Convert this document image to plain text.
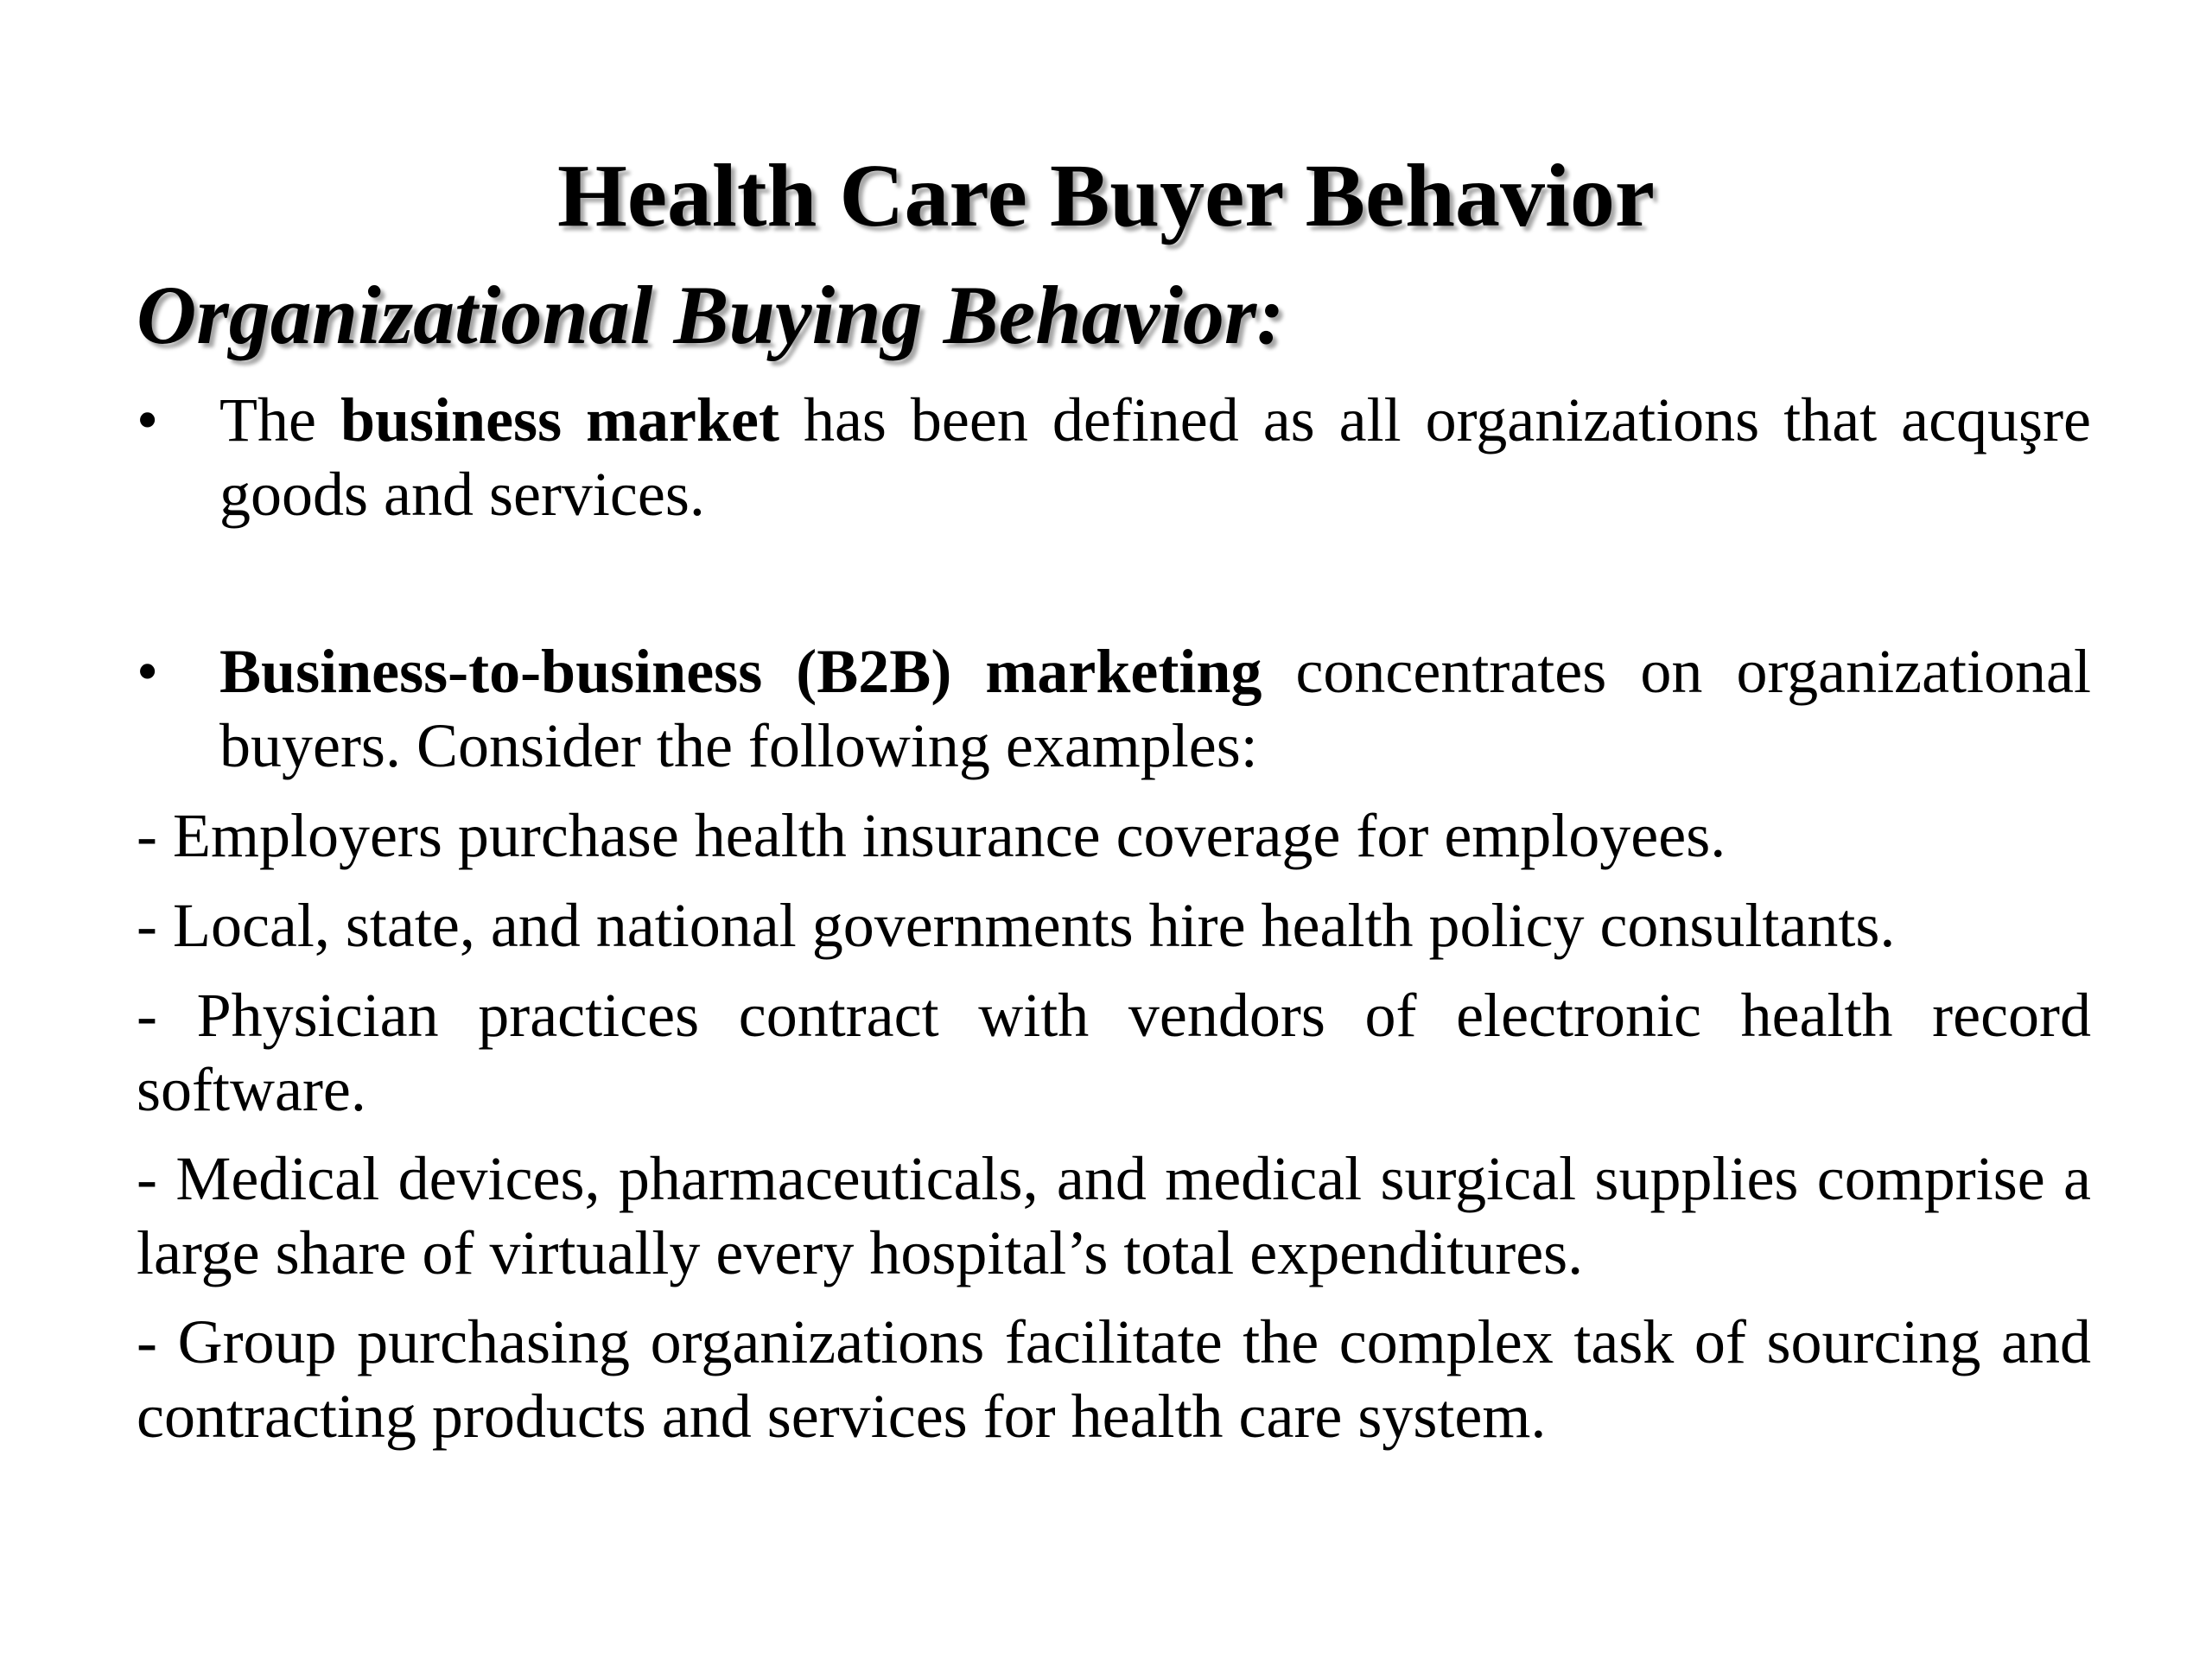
Health Care Buyer Behavior
Organizational Buying Behavior:
• The business market has been defined as all organizations that acquşre goods and services.
• Business-to-business (B2B) marketing concentrates on organizational buyers. Consider the following examples:
- Employers purchase health insurance coverage for employees.
- Local, state, and national governments hire health policy consultants.
- Physician practices contract with vendors of electronic health record software.
- Medical devices, pharmaceuticals, and medical surgical supplies comprise a large share of virtually every hospital’s total expenditures.
- Group purchasing organizations facilitate the complex task of sourcing and contracting products and services for health care system.
